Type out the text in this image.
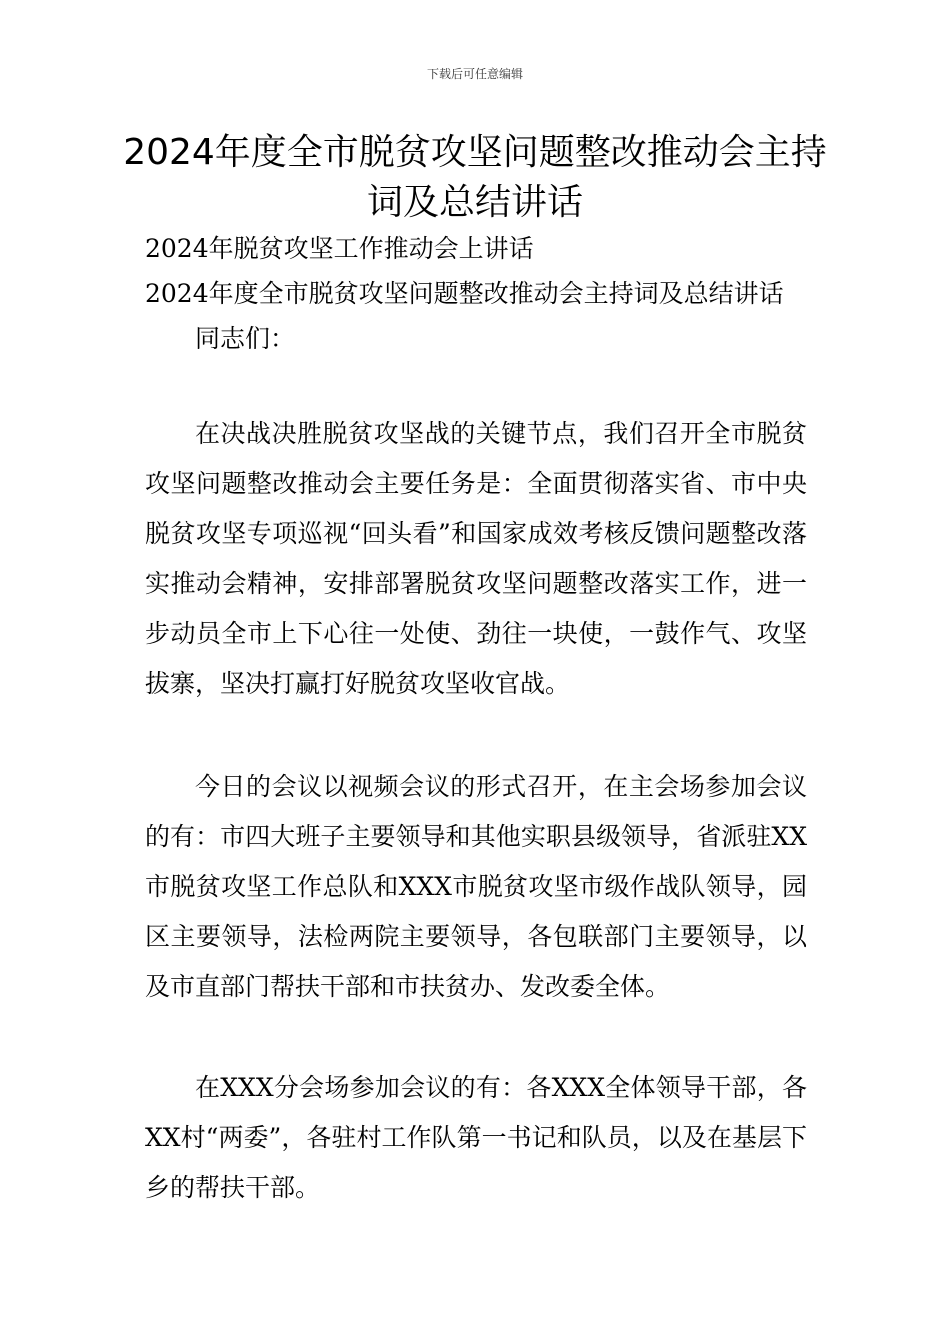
下载后可任意编辑
2024年度全市脱贫攻坚问题整改推动会主持词及总结讲话

2024年脱贫攻坚工作推动会上讲话

2024年度全市脱贫攻坚问题整改推动会主持词及总结讲话

同志们：

在决战决胜脱贫攻坚战的关键节点，我们召开全市脱贫攻坚问题整改推动会主要任务是：全面贯彻落实省、市中央脱贫攻坚专项巡视“回头看”和国家成效考核反馈问题整改落实推动会精神，安排部署脱贫攻坚问题整改落实工作，进一步动员全市上下心往一处使、劲往一块使，一鼓作气、攻坚拔寨，坚决打赢打好脱贫攻坚收官战。

今日的会议以视频会议的形式召开，在主会场参加会议的有：市四大班子主要领导和其他实职县级领导，省派驻XX市脱贫攻坚工作总队和XXX市脱贫攻坚市级作战队领导，园区主要领导，法检两院主要领导，各包联部门主要领导，以及市直部门帮扶干部和市扶贫办、发改委全体。

在XXX分会场参加会议的有：各XXX全体领导干部，各XX村“两委”，各驻村工作队第一书记和队员，以及在基层下乡的帮扶干部。
